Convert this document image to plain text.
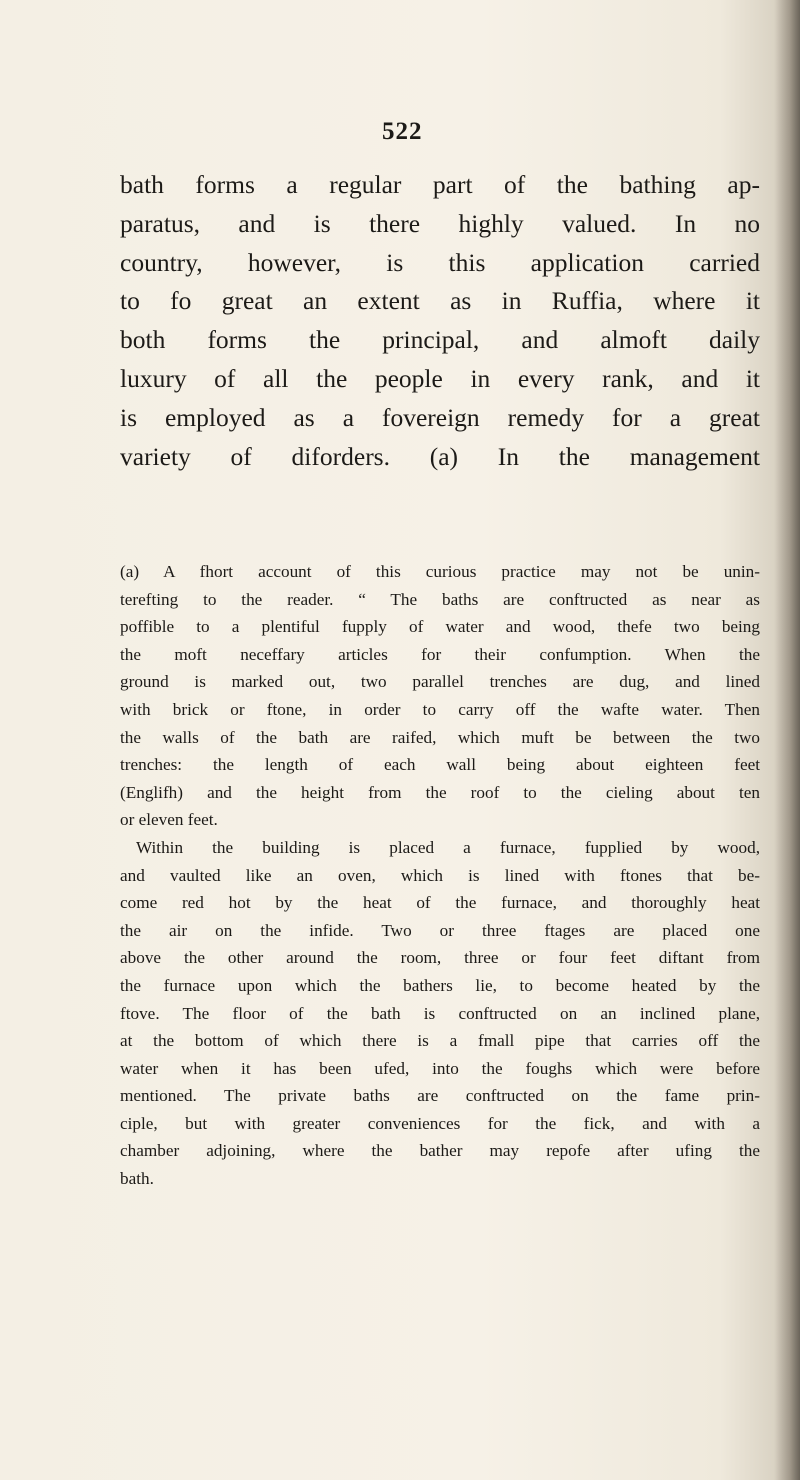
522
bath forms a regular part of the bathing ap-
paratus, and is there highly valued. In no
country, however, is this application carried
to fo great an extent as in Ruffia, where it
both forms the principal, and almoft daily
luxury of all the people in every rank, and it
is employed as a fovereign remedy for a great
variety of diforders. (a) In the management
(a) A fhort account of this curious practice may not be unin-
terefting to the reader. “ The baths are conftructed as near as
poffible to a plentiful fupply of water and wood, thefe two being
the moft neceffary articles for their confumption. When the
ground is marked out, two parallel trenches are dug, and lined
with brick or ftone, in order to carry off the wafte water. Then
the walls of the bath are raifed, which muft be between the two
trenches: the length of each wall being about eighteen feet
(Englifh) and the height from the roof to the cieling about ten
or eleven feet.
Within the building is placed a furnace, fupplied by wood,
and vaulted like an oven, which is lined with ftones that be-
come red hot by the heat of the furnace, and thoroughly heat
the air on the infide. Two or three ftages are placed one
above the other around the room, three or four feet diftant from
the furnace upon which the bathers lie, to become heated by the
ftove. The floor of the bath is conftructed on an inclined plane,
at the bottom of which there is a fmall pipe that carries off the
water when it has been ufed, into the foughs which were before
mentioned. The private baths are conftructed on the fame prin-
ciple, but with greater conveniences for the fick, and with a
chamber adjoining, where the bather may repofe after ufing the
bath.
